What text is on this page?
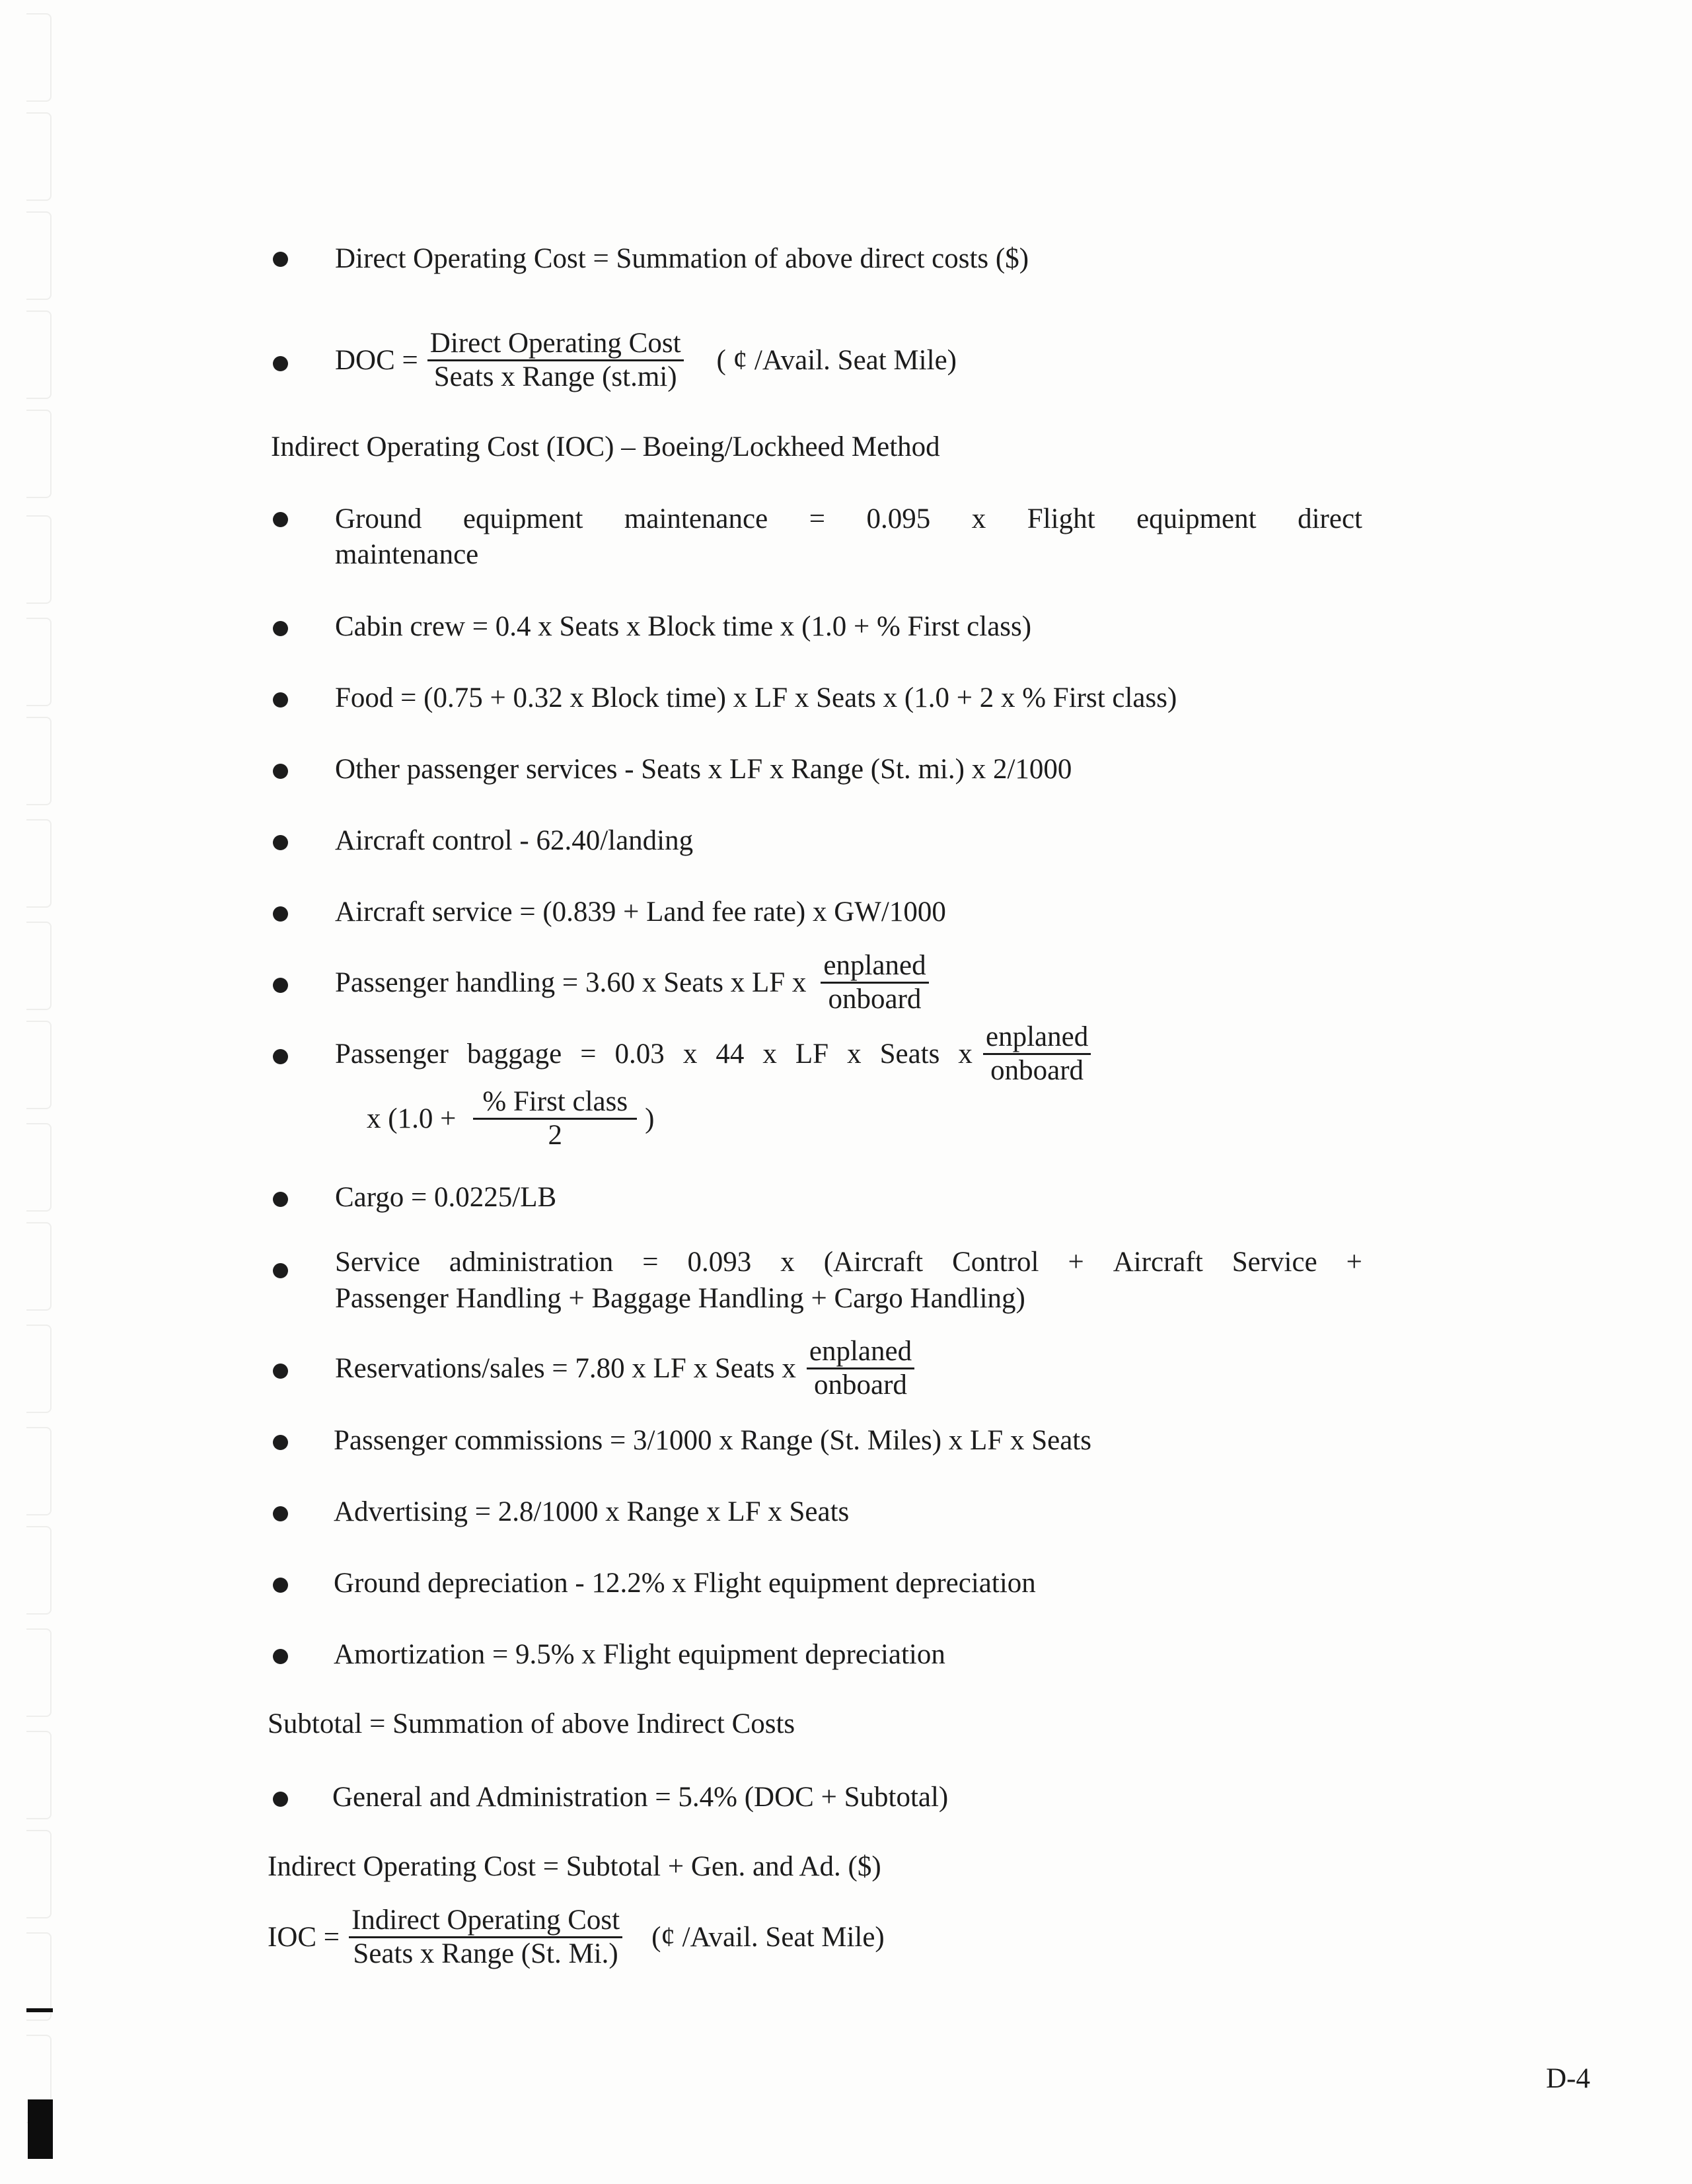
Direct Operating Cost = Summation of above direct costs ($)
DOC = $\frac{\text{Direct Operating Cost}}{\text{Seats x Range (st.mi)}}$ ( ¢ /Avail. Seat Mile)
Indirect Operating Cost (IOC) – Boeing/Lockheed Method
Ground equipment maintenance = 0.095 x Flight equipment direct
maintenance
Cabin crew = 0.4 x Seats x Block time x (1.0 + % First class)
Food = (0.75 + 0.32 x Block time) x LF x Seats x (1.0 + 2 x % First class)
Other passenger services - Seats x LF x Range (St. mi.) x 2/1000
Aircraft control - 62.40/landing
Aircraft service = (0.839 + Land fee rate) x GW/1000
Passenger handling = 3.60 x Seats x LF x $\frac{\text{enplaned}}{\text{onboard}}$
Passenger baggage = 0.03 x 44 x LF x Seats x $\frac{\text{enplaned}}{\text{onboard}}$
x ($1.0 + \frac{\text{\% First class}}{2}$ )
Cargo = 0.0225/LB
Service administration = 0.093 x (Aircraft Control + Aircraft Service +
Passenger Handling + Baggage Handling + Cargo Handling)
Reservations/sales = 7.80 x LF x Seats x $\frac{\text{enplaned}}{\text{onboard}}$
Passenger commissions = 3/1000 x Range (St. Miles) x LF x Seats
Advertising = 2.8/1000 x Range x LF x Seats
Ground depreciation - 12.2% x Flight equipment depreciation
Amortization = 9.5% x Flight equipment depreciation
Subtotal = Summation of above Indirect Costs
General and Administration = 5.4% (DOC + Subtotal)
Indirect Operating Cost = Subtotal + Gen. and Ad. ($)
IOC = $\frac{\text{Indirect Operating Cost}}{\text{Seats x Range (St. Mi.)}}$ (¢ /Avail. Seat Mile)
D-4
